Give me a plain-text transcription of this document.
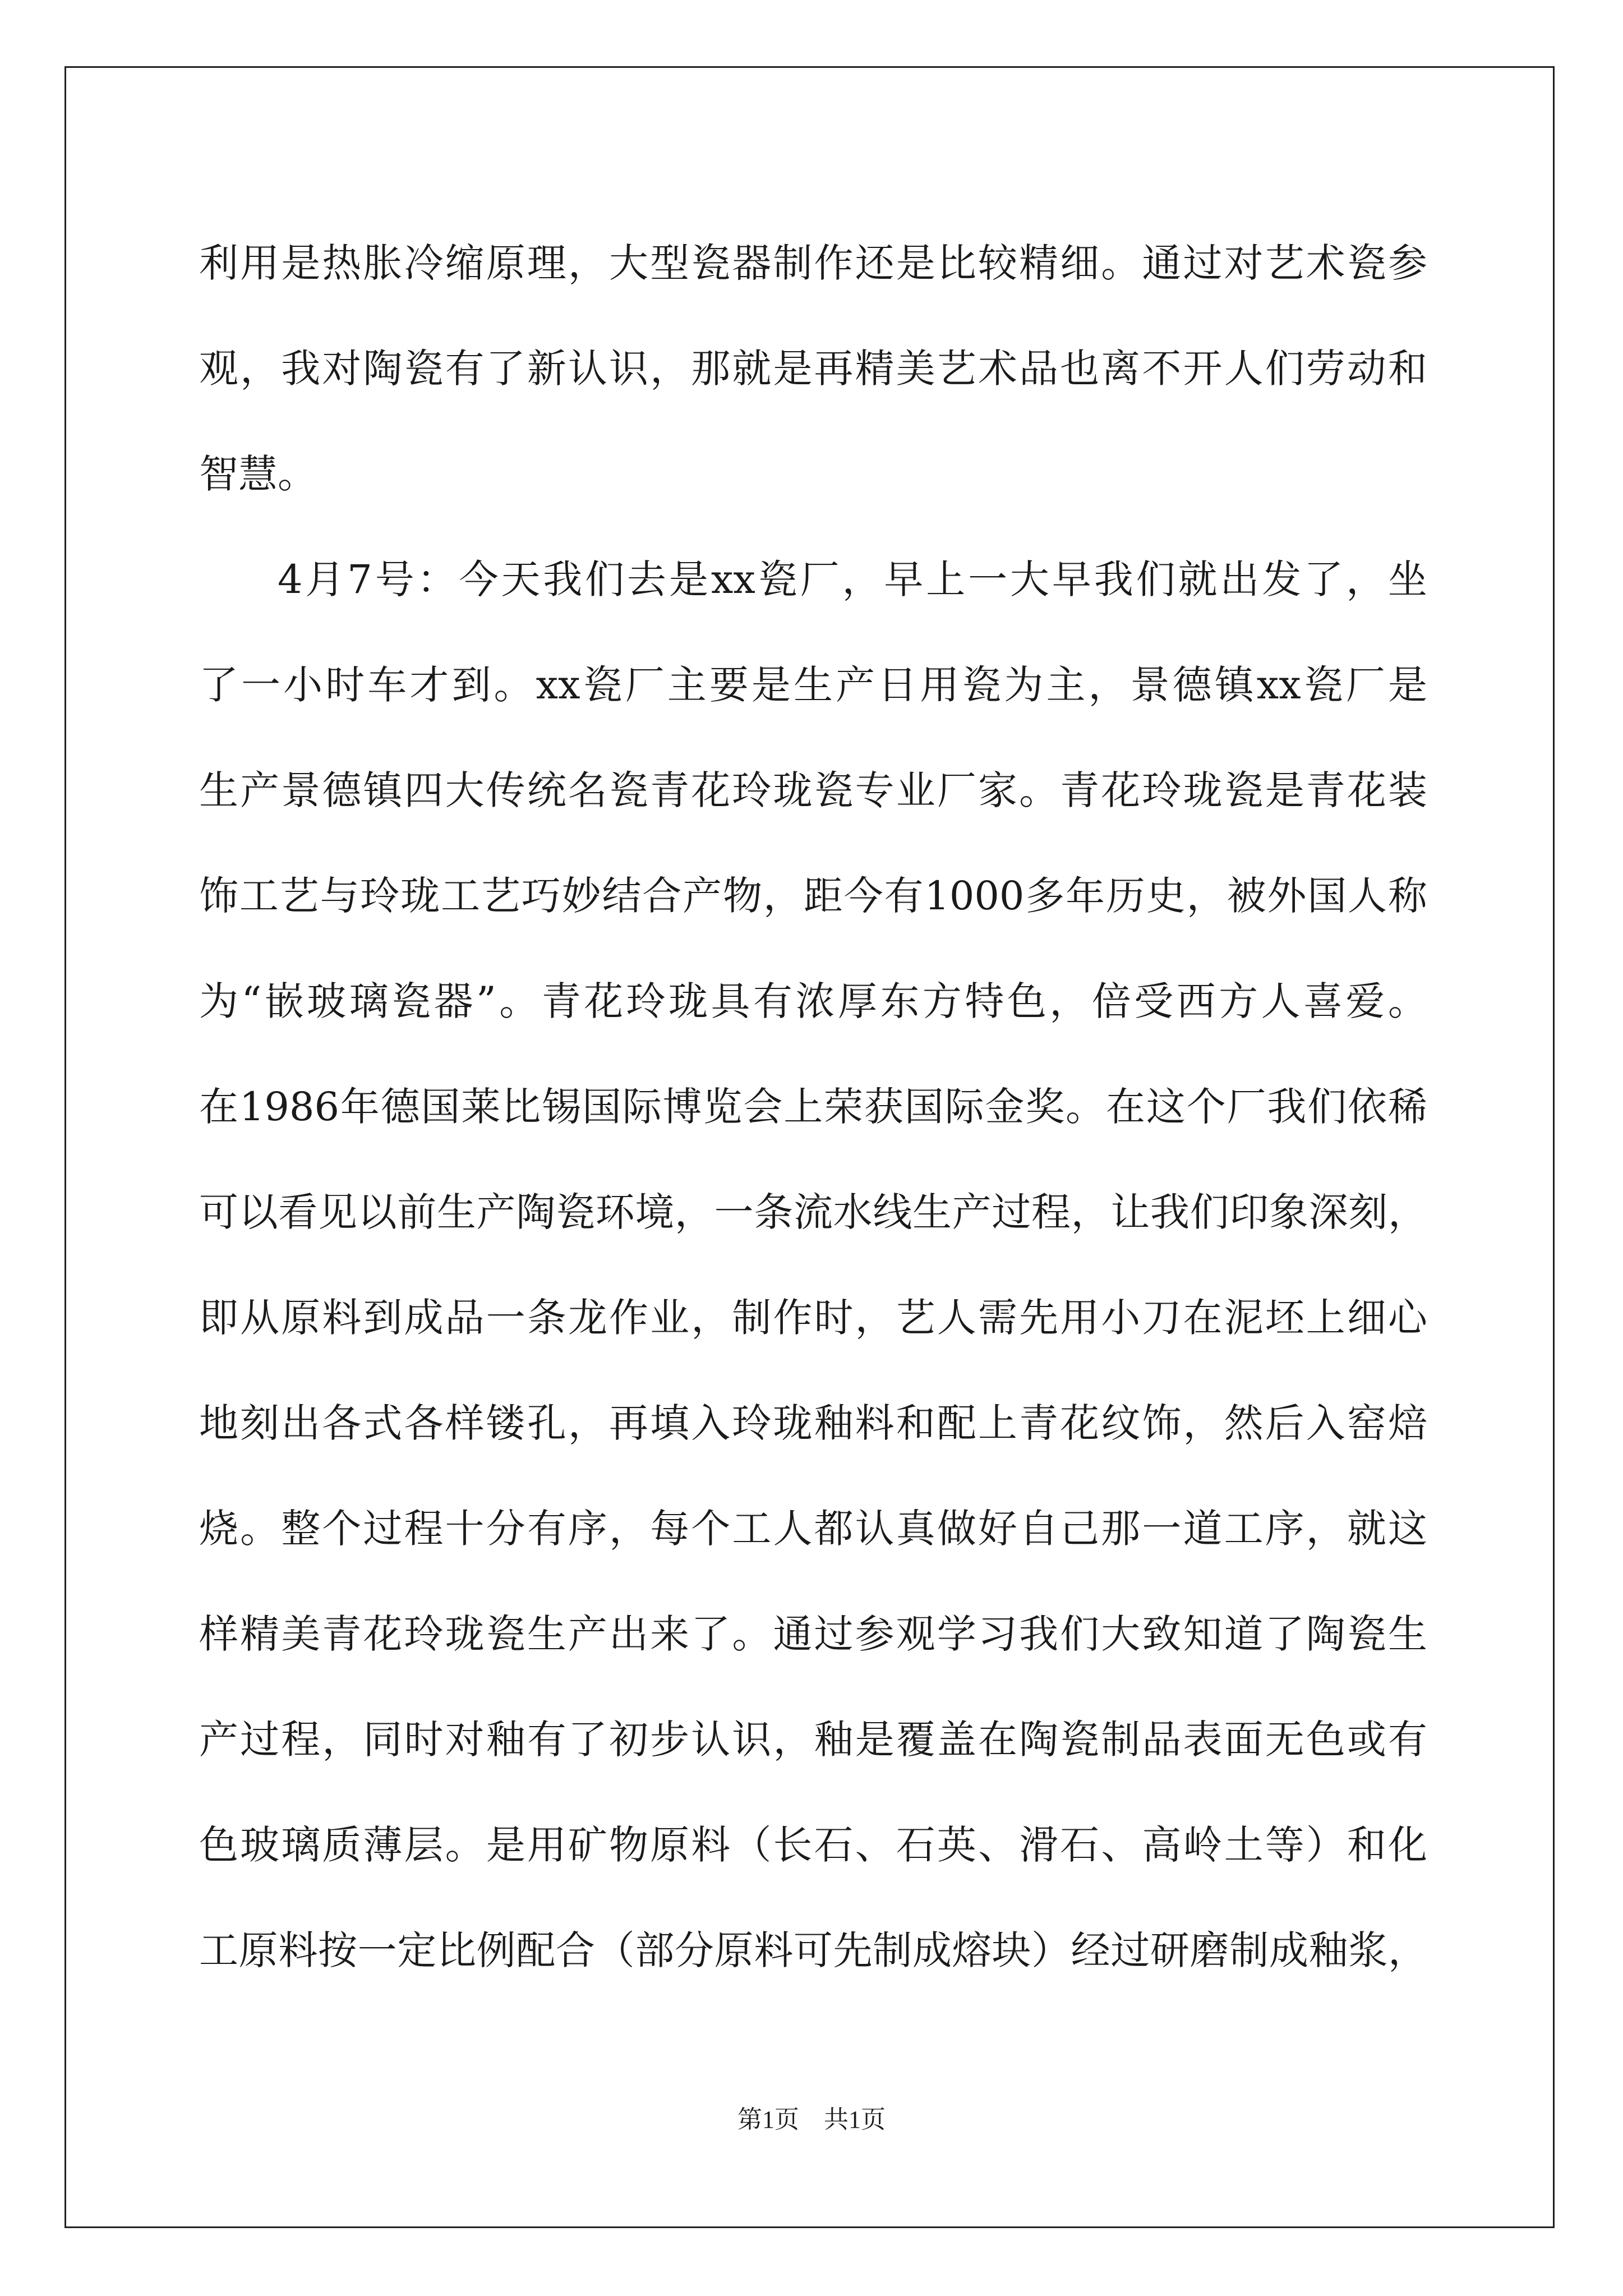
利用是热胀冷缩原理，大型瓷器制作还是比较精细。通过对艺术瓷参
观，我对陶瓷有了新认识，那就是再精美艺术品也离不开人们劳动和
智慧。
4月7号：今天我们去是xx瓷厂，早上一大早我们就出发了，坐
了一小时车才到。xx瓷厂主要是生产日用瓷为主，景德镇xx瓷厂是
生产景德镇四大传统名瓷青花玲珑瓷专业厂家。青花玲珑瓷是青花装
饰工艺与玲珑工艺巧妙结合产物，距今有1000多年历史，被外国人称
为“嵌玻璃瓷器”。青花玲珑具有浓厚东方特色，倍受西方人喜爱。
在1986年德国莱比锡国际博览会上荣获国际金奖。在这个厂我们依稀
可以看见以前生产陶瓷环境，一条流水线生产过程，让我们印象深刻，
即从原料到成品一条龙作业，制作时，艺人需先用小刀在泥坯上细心
地刻出各式各样镂孔，再填入玲珑釉料和配上青花纹饰，然后入窑焙
烧。整个过程十分有序，每个工人都认真做好自己那一道工序，就这
样精美青花玲珑瓷生产出来了。通过参观学习我们大致知道了陶瓷生
产过程，同时对釉有了初步认识，釉是覆盖在陶瓷制品表面无色或有
色玻璃质薄层。是用矿物原料（长石、石英、滑石、高岭土等）和化
工原料按一定比例配合（部分原料可先制成熔块）经过研磨制成釉浆，
第1页　共1页
